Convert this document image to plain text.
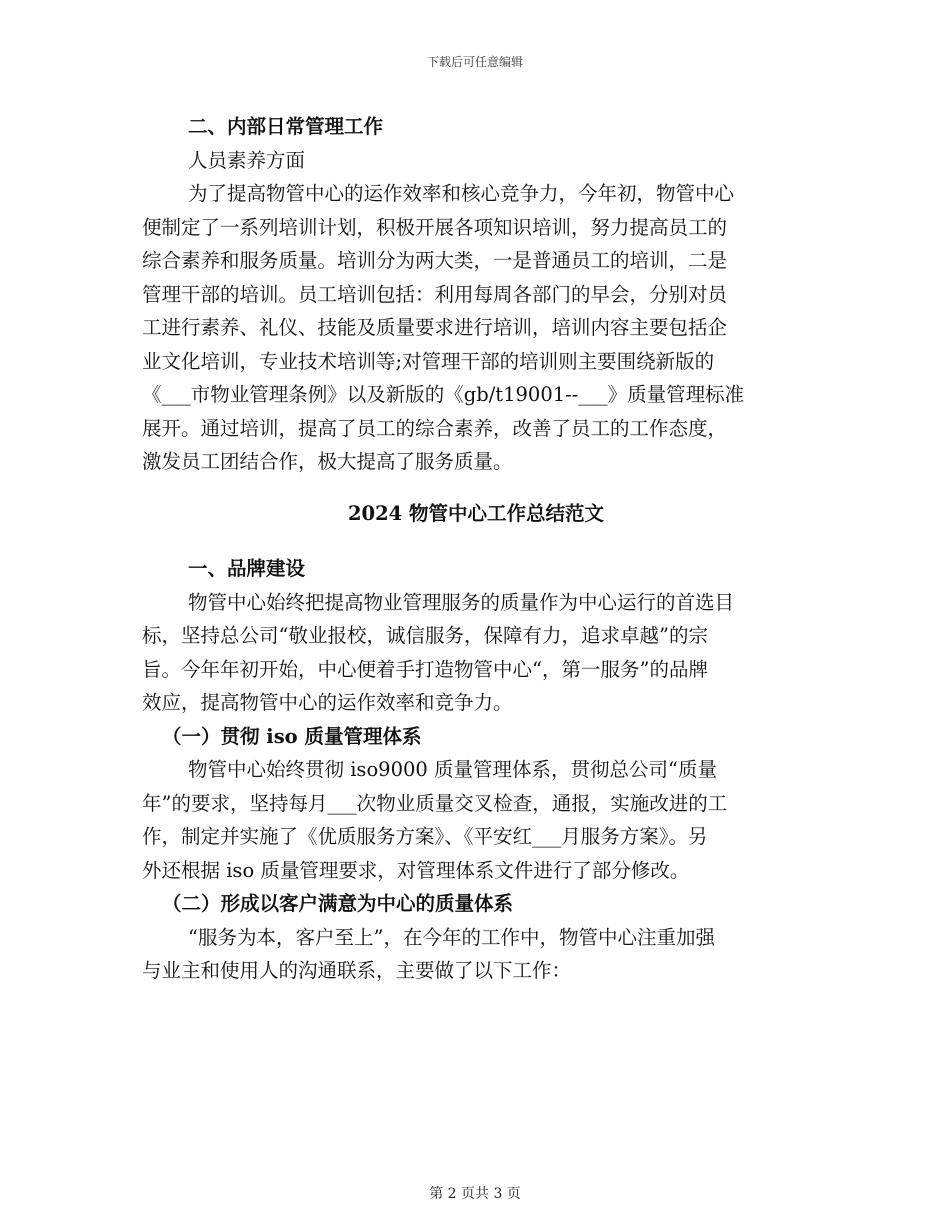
下载后可任意编辑
二、内部日常管理工作
人员素养方面
为了提高物管中心的运作效率和核心竞争力，今年初，物管中心
便制定了一系列培训计划，积极开展各项知识培训，努力提高员工的
综合素养和服务质量。培训分为两大类，一是普通员工的培训，二是
管理干部的培训。员工培训包括：利用每周各部门的早会，分别对员
工进行素养、礼仪、技能及质量要求进行培训，培训内容主要包括企
业文化培训，专业技术培训等;对管理干部的培训则主要围绕新版的
《___市物业管理条例》以及新版的《gb/t19001--___》质量管理标准
展开。通过培训，提高了员工的综合素养，改善了员工的工作态度，
激发员工团结合作，极大提高了服务质量。
2024 物管中心工作总结范文
一、品牌建设
物管中心始终把提高物业管理服务的质量作为中心运行的首选目
标，坚持总公司“敬业报校，诚信服务，保障有力，追求卓越”的宗
旨。今年年初开始，中心便着手打造物管中心“，第一服务”的品牌
效应，提高物管中心的运作效率和竞争力。
（一）贯彻 iso 质量管理体系
物管中心始终贯彻 iso9000 质量管理体系，贯彻总公司“质量
年”的要求，坚持每月___次物业质量交叉检查，通报，实施改进的工
作，制定并实施了《优质服务方案》、《平安红___月服务方案》。另
外还根据 iso 质量管理要求，对管理体系文件进行了部分修改。
（二）形成以客户满意为中心的质量体系
“服务为本，客户至上”，在今年的工作中，物管中心注重加强
与业主和使用人的沟通联系，主要做了以下工作：
第 2 页共 3 页
